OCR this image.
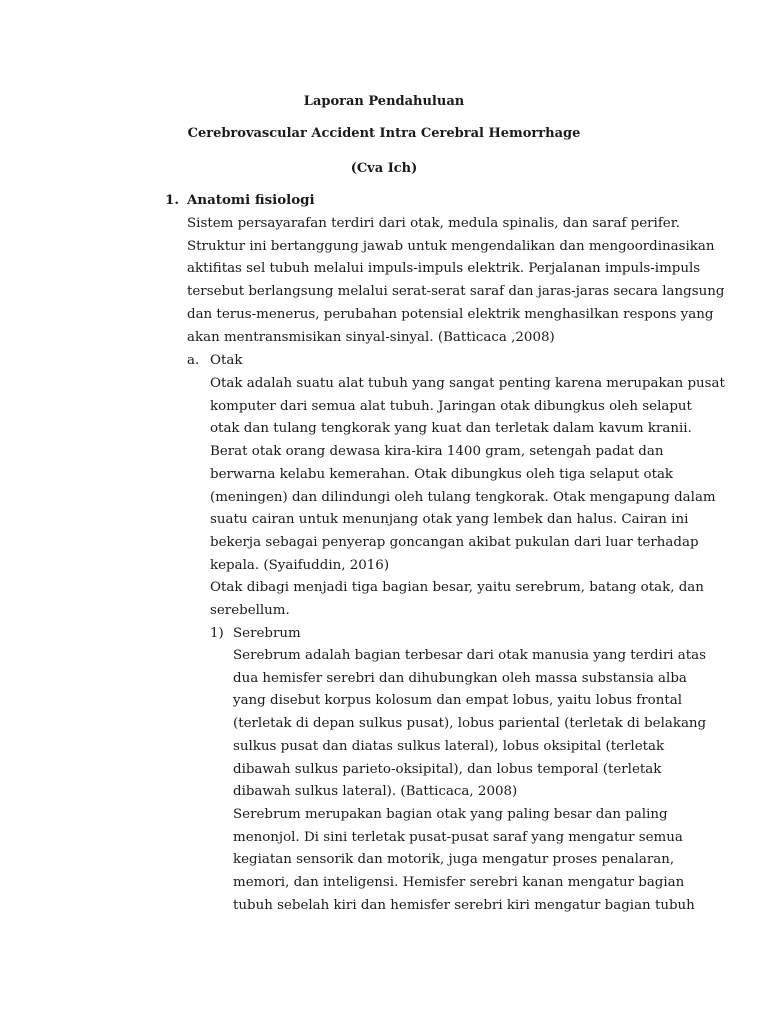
Laporan Pendahuluan
Cerebrovascular Accident Intra Cerebral Hemorrhage
(Cva Ich)
1. Anatomi fisiologi
Sistem persayarafan terdiri dari otak, medula spinalis, dan saraf perifer.
Struktur ini bertanggung jawab untuk mengendalikan dan mengoordinasikan
aktifitas sel tubuh melalui impuls-impuls elektrik. Perjalanan impuls-impuls
tersebut berlangsung melalui serat-serat saraf dan jaras-jaras secara langsung
dan terus-menerus, perubahan potensial elektrik menghasilkan respons yang
akan mentransmisikan sinyal-sinyal. (Batticaca ,2008)
a. Otak
Otak adalah suatu alat tubuh yang sangat penting karena merupakan pusat
komputer dari semua alat tubuh. Jaringan otak dibungkus oleh selaput
otak dan tulang tengkorak yang kuat dan terletak dalam kavum kranii.
Berat otak orang dewasa kira-kira 1400 gram, setengah padat dan
berwarna kelabu kemerahan. Otak dibungkus oleh tiga selaput otak
(meningen) dan dilindungi oleh tulang tengkorak. Otak mengapung dalam
suatu cairan untuk menunjang otak yang lembek dan halus. Cairan ini
bekerja sebagai penyerap goncangan akibat pukulan dari luar terhadap
kepala. (Syaifuddin, 2016)
Otak dibagi menjadi tiga bagian besar, yaitu serebrum, batang otak, dan
serebellum.
1) Serebrum
Serebrum adalah bagian terbesar dari otak manusia yang terdiri atas
dua hemisfer serebri dan dihubungkan oleh massa substansia alba
yang disebut korpus kolosum dan empat lobus, yaitu lobus frontal
(terletak di depan sulkus pusat), lobus pariental (terletak di belakang
sulkus pusat dan diatas sulkus lateral), lobus oksipital (terletak
dibawah sulkus parieto-oksipital), dan lobus temporal (terletak
dibawah sulkus lateral). (Batticaca, 2008)
Serebrum merupakan bagian otak yang paling besar dan paling
menonjol. Di sini terletak pusat-pusat saraf yang mengatur semua
kegiatan sensorik dan motorik, juga mengatur proses penalaran,
memori, dan inteligensi. Hemisfer serebri kanan mengatur bagian
tubuh sebelah kiri dan hemisfer serebri kiri mengatur bagian tubuh
